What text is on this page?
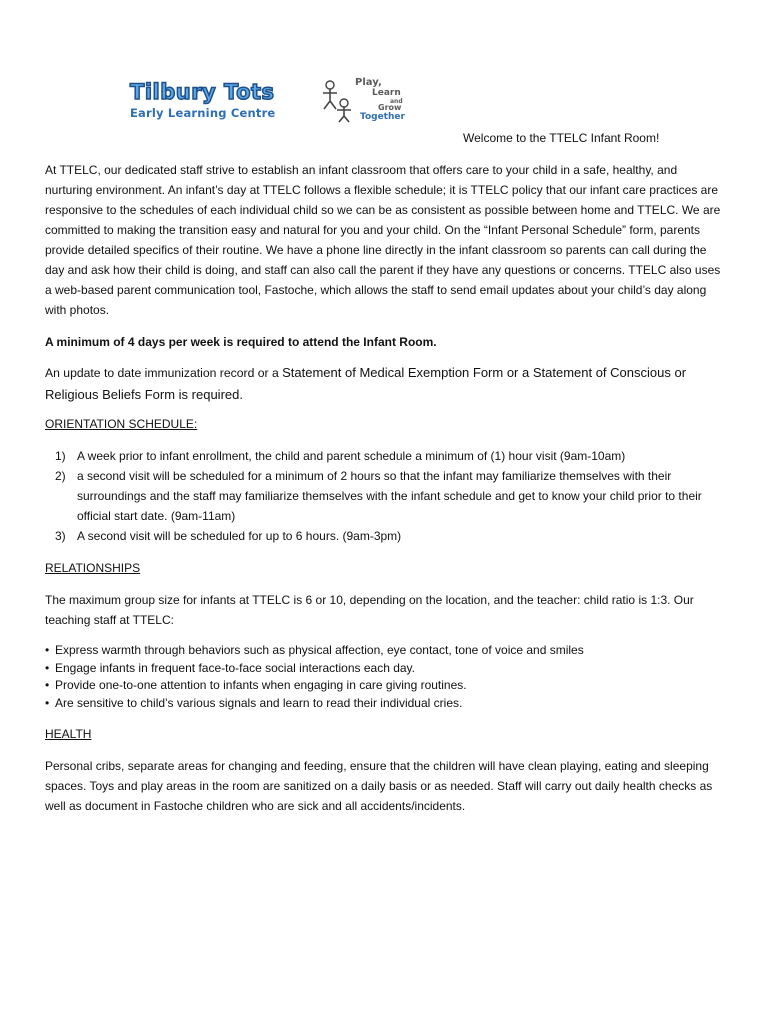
Tilbury Tots
Early Learning Centre
Play,
Learn
and
Grow
Together

Welcome to the TTELC Infant Room!

At TTELC, our dedicated staff strive to establish an infant classroom that offers care to your child in a safe, healthy, and nurturing environment. An infant’s day at TTELC follows a flexible schedule; it is TTELC policy that our infant care practices are responsive to the schedules of each individual child so we can be as consistent as possible between home and TTELC. We are committed to making the transition easy and natural for you and your child. On the “Infant Personal Schedule” form, parents provide detailed specifics of their routine. We have a phone line directly in the infant classroom so parents can call during the day and ask how their child is doing, and staff can also call the parent if they have any questions or concerns. TTELC also uses a web-based parent communication tool, Fastoche, which allows the staff to send email updates about your child’s day along with photos.

A minimum of 4 days per week is required to attend the Infant Room.

An update to date immunization record or a Statement of Medical Exemption Form or a Statement of Conscious or Religious Beliefs Form is required.

ORIENTATION SCHEDULE:

1) A week prior to infant enrollment, the child and parent schedule a minimum of (1) hour visit (9am-10am)
2) a second visit will be scheduled for a minimum of 2 hours so that the infant may familiarize themselves with their surroundings and the staff may familiarize themselves with the infant schedule and get to know your child prior to their official start date. (9am-11am)
3) A second visit will be scheduled for up to 6 hours. (9am-3pm)

RELATIONSHIPS

The maximum group size for infants at TTELC is 6 or 10, depending on the location, and the teacher: child ratio is 1:3. Our teaching staff at TTELC:

• Express warmth through behaviors such as physical affection, eye contact, tone of voice and smiles
• Engage infants in frequent face-to-face social interactions each day.
• Provide one-to-one attention to infants when engaging in care giving routines.
• Are sensitive to child’s various signals and learn to read their individual cries.

HEALTH

Personal cribs, separate areas for changing and feeding, ensure that the children will have clean playing, eating and sleeping spaces. Toys and play areas in the room are sanitized on a daily basis or as needed. Staff will carry out daily health checks as well as document in Fastoche children who are sick and all accidents/incidents.
